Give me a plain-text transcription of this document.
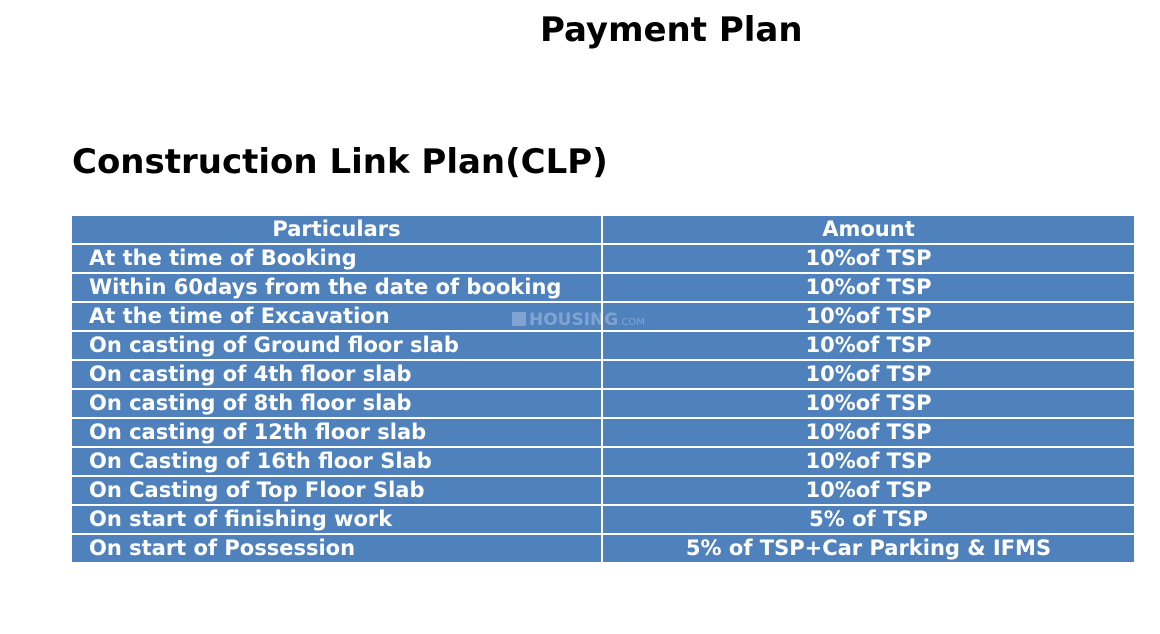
Payment Plan
Construction Link Plan(CLP)
Particulars	Amount
At the time of Booking	10%of TSP
Within 60days from the date of booking	10%of TSP
At the time of Excavation	10%of TSP
On casting of Ground floor slab	10%of TSP
On casting of 4th floor slab	10%of TSP
On casting of 8th floor slab	10%of TSP
On casting of 12th floor slab	10%of TSP
On Casting of 16th floor Slab	10%of TSP
On Casting of Top Floor Slab	10%of TSP
On start of finishing work	5% of TSP
On start of Possession	5% of TSP+Car Parking & IFMS
HOUSING.COM
